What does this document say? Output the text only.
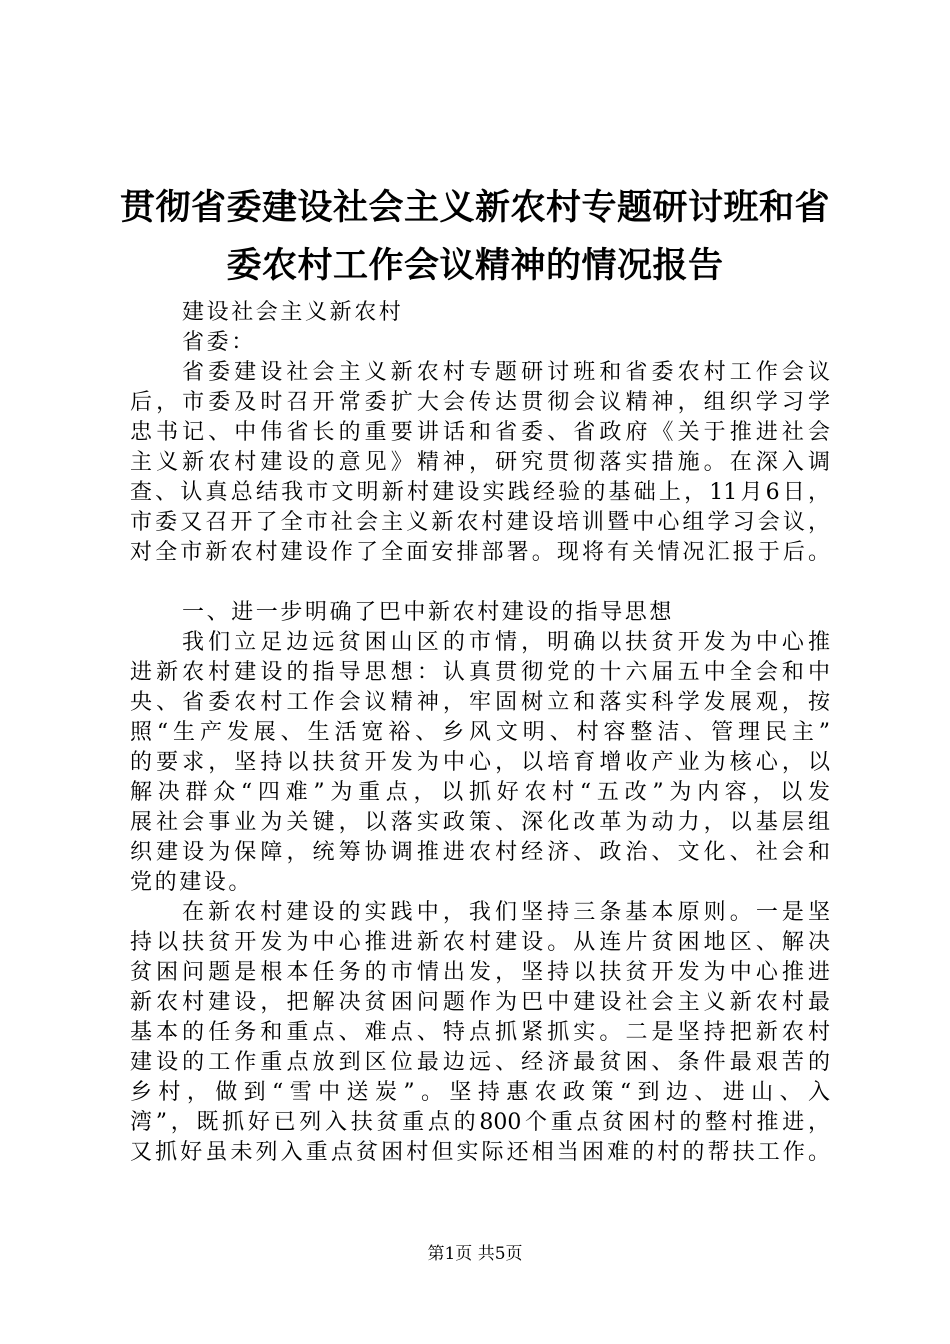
贯彻省委建设社会主义新农村专题研讨班和省
委农村工作会议精神的情况报告
建设社会主义新农村
省委：
省委建设社会主义新农村专题研讨班和省委农村工作会议
后，市委及时召开常委扩大会传达贯彻会议精神，组织学习学
忠书记、中伟省长的重要讲话和省委、省政府《关于推进社会
主义新农村建设的意见》精神，研究贯彻落实措施。在深入调
查、认真总结我市文明新村建设实践经验的基础上，11月6日，
市委又召开了全市社会主义新农村建设培训暨中心组学习会议，
对全市新农村建设作了全面安排部署。现将有关情况汇报于后。
一、进一步明确了巴中新农村建设的指导思想
我们立足边远贫困山区的市情，明确以扶贫开发为中心推
进新农村建设的指导思想：认真贯彻党的十六届五中全会和中
央、省委农村工作会议精神，牢固树立和落实科学发展观，按
照“生产发展、生活宽裕、乡风文明、村容整洁、管理民主”
的要求，坚持以扶贫开发为中心，以培育增收产业为核心，以
解决群众“四难”为重点，以抓好农村“五改”为内容，以发
展社会事业为关键，以落实政策、深化改革为动力，以基层组
织建设为保障，统筹协调推进农村经济、政治、文化、社会和
党的建设。
在新农村建设的实践中，我们坚持三条基本原则。一是坚
持以扶贫开发为中心推进新农村建设。从连片贫困地区、解决
贫困问题是根本任务的市情出发，坚持以扶贫开发为中心推进
新农村建设，把解决贫困问题作为巴中建设社会主义新农村最
基本的任务和重点、难点、特点抓紧抓实。二是坚持把新农村
建设的工作重点放到区位最边远、经济最贫困、条件最艰苦的
乡村，做到“雪中送炭”。坚持惠农政策“到边、进山、入
湾”，既抓好已列入扶贫重点的800个重点贫困村的整村推进，
又抓好虽未列入重点贫困村但实际还相当困难的村的帮扶工作。
第1页 共5页
